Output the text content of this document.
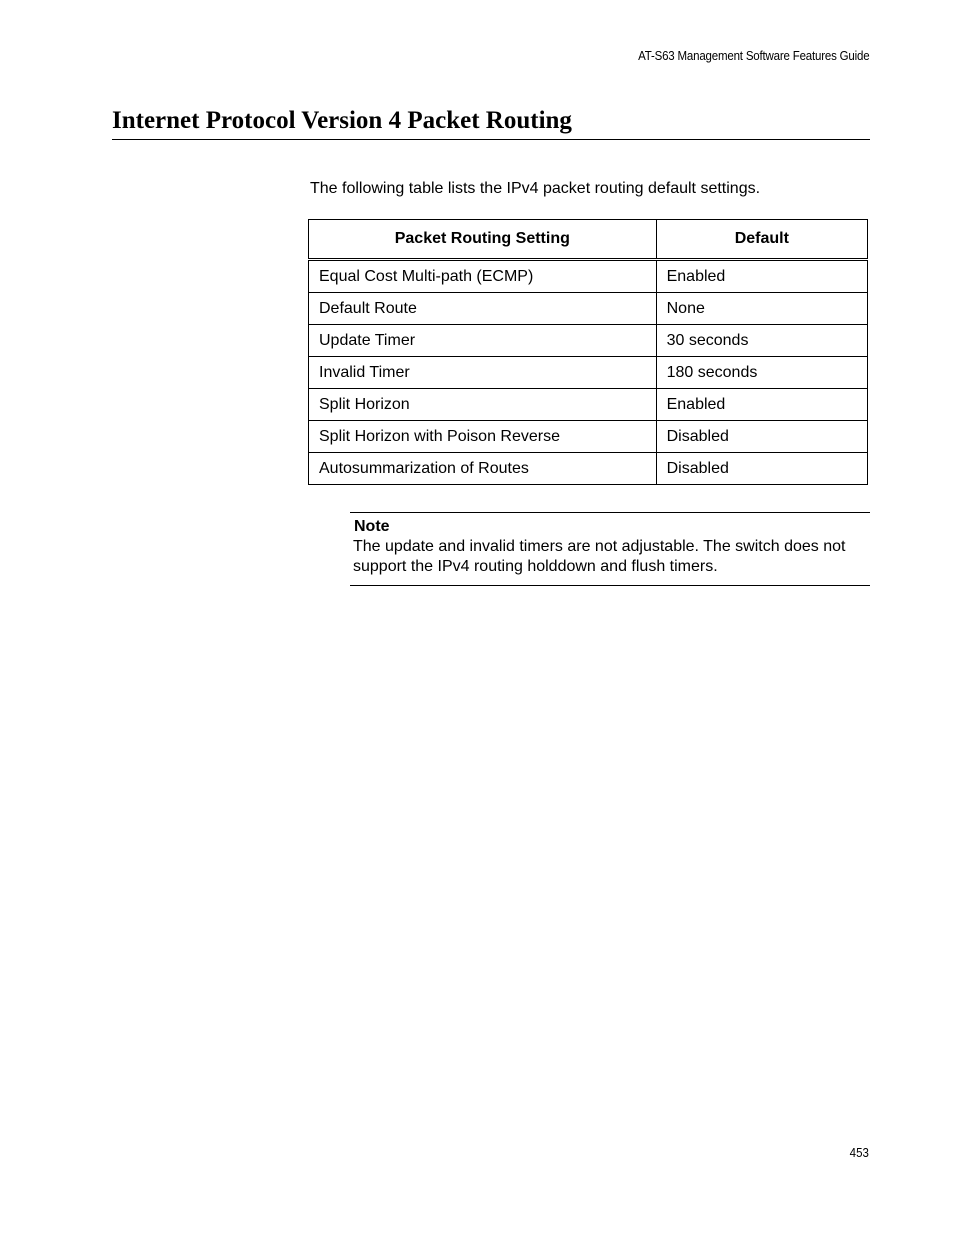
AT-S63 Management Software Features Guide
Internet Protocol Version 4 Packet Routing

The following table lists the IPv4 packet routing default settings.

Packet Routing Setting	Default
Equal Cost Multi-path (ECMP)	Enabled
Default Route	None
Update Timer	30 seconds
Invalid Timer	180 seconds
Split Horizon	Enabled
Split Horizon with Poison Reverse	Disabled
Autosummarization of Routes	Disabled
Note

The update and invalid timers are not adjustable. The switch does not support the IPv4 routing holddown and flush timers.

453
